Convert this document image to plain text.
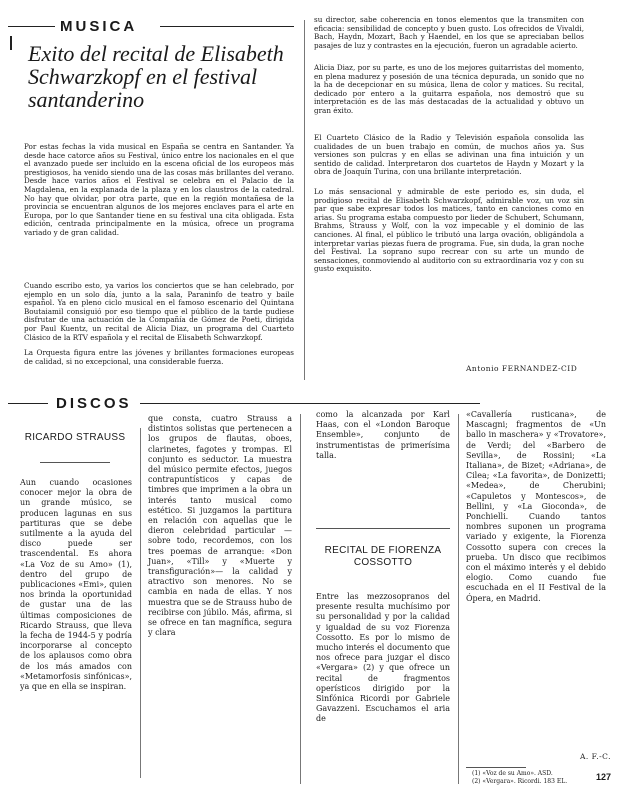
MUSICA

Exito del recital de Elisabeth Schwarzkopf en el festival santanderino

Por estas fechas la vida musical en España se centra en Santander. Ya desde hace catorce años su Festival, único entre los nacionales en el que el avanzado puede ser incluido en la escena oficial de los europeos más prestigiosos, ha venido siendo una de las cosas más brillantes del verano. Desde hace varios años el Festival se celebra en el Palacio de la Magdalena, en la explanada de la plaza y en los claustros de la catedral. No hay que olvidar, por otra parte, que en la región montañesa de la provincia se encuentran algunos de los mejores enclaves para el arte en Europa, por lo que Santander tiene en su festival una cita obligada. Esta edición, centrada principalmente en la música, ofrece un programa variado y de gran calidad.

Cuando escribo esto, ya varios los conciertos que se han celebrado, por ejemplo en un solo día, junto a la sala, Paraninfo de teatro y baile español. Ya en pleno ciclo musical en el famoso escenario del Quintana Boutaiamil consiguió por eso tiempo que el público de la tarde pudiese disfrutar de una actuación de la Compañía de Gómez de Poeti, dirigida por Paul Kuentz, un recital de Alicia Diaz, un programa del Cuarteto Clásico de la RTV española y el recital de Elisabeth Schwarzkopf.

La Orquesta figura entre las jóvenes y brillantes formaciones europeas de calidad, si no excepcional, una considerable fuerza.

su director, sabe coherencia en tonos elementos que la transmiten con eficacia: sensibilidad de concepto y buen gusto. Los ofrecidos de Vivaldi, Bach, Haydn, Mozart, Bach y Haendel, en los que se apreciaban bellos pasajes de luz y contrastes en la ejecución, fueron un agradable acierto.

Alicia Diaz, por su parte, es uno de los mejores guitarristas del momento, en plena madurez y posesión de una técnica depurada, un sonido que no la ha de decepcionar en su música, llena de color y matices. Su recital, dedicado por entero a la guitarra española, nos demostró que su interpretación es de las más destacadas de la actualidad y obtuvo un gran éxito.

El Cuarteto Clásico de la Radio y Televisión española consolida las cualidades de un buen trabajo en común, de muchos años ya. Sus versiones son pulcras y en ellas se adivinan una fina intuición y un sentido de calidad. Interpretaron dos cuartetos de Haydn y Mozart y la obra de Joaquín Turina, con una brillante interpretación.

Lo más sensacional y admirable de este periodo es, sin duda, el prodigioso recital de Elisabeth Schwarzkopf, admirable voz, un voz sin par que sabe expresar todos los matices, tanto en canciones como en arias. Su programa estaba compuesto por lieder de Schubert, Schumann, Brahms, Strauss y Wolf, con la voz impecable y el dominio de las canciones. Al final, el público le tributó una larga ovación, obligándola a interpretar varias piezas fuera de programa. Fue, sin duda, la gran noche del Festival. La soprano supo recrear con su arte un mundo de sensaciones, conmoviendo al auditorio con su extraordinaria voz y con su gusto exquisito.

Antonio FERNANDEZ-CID
DISCOS

RICARDO STRAUSS

Aun cuando ocasiones conocer mejor la obra de un grande músico, se producen lagunas en sus partituras que se debe sutilmente a la ayuda del disco puede ser trascendental. Es ahora «La Voz de su Amo» (1), dentro del grupo de publicaciones «Emi», quien nos brinda la oportunidad de gustar una de las últimas composiciones de Ricardo Strauss, que lleva la fecha de 1944-5 y podría incorporarse al concepto de los aplausos como obra de los más amados con «Metamorfosis sinfónicas», ya que en ella se inspiran.

que consta, cuatro Strauss a distintos solistas que pertenecen a los grupos de flautas, oboes, clarinetes, fagotes y trompas. El conjunto es seductor. La muestra del músico permite efectos, juegos contrapuntísticos y capas de timbres que imprimen a la obra un interés tanto musical como estético. Si juzgamos la partitura en relación con aquellas que le dieron celebridad particular —sobre todo, recordemos, con los tres poemas de arranque: «Don Juan», «Till» y «Muerte y transfiguración»— la calidad y atractivo son menores. No se cambia en nada de ellas. Y nos muestra que se de Strauss hubo de recibirse con júbilo. Más, afirma, si se ofrece en tan magnífica, segura y clara

como la alcanzada por Karl Haas, con el «London Baroque Ensemble», conjunto de instrumentistas de primerísima talla.

RECITAL DE FIORENZA COSSOTTO

Entre las mezzosopranos del presente resulta muchísimo por su personalidad y por la calidad y igualdad de su voz Fiorenza Cossotto. Es por lo mismo de mucho interés el documento que nos ofrece para juzgar el disco «Vergara» (2) y que ofrece un recital de fragmentos operísticos dirigido por la Sinfónica Ricordi por Gabriele Gavazzeni. Escuchamos el aria de

«Cavallería rusticana», de Mascagni; fragmentos de «Un ballo in maschera» y «Trovatore», de Verdi; del «Barbero de Sevilla», de Rossini; «La Italiana», de Bizet; «Adriana», de Cilea; «La favorita», de Donizetti; «Medea», de Cherubini; «Capuletos y Montescos», de Bellini, y «La Gioconda», de Ponchielli. Cuando tantos nombres suponen un programa variado y exigente, la Fiorenza Cossotto supera con creces la prueba. Un disco que recibimos con el máximo interés y el debido elogio. Como cuando fue escuchada en el II Festival de la Ópera, en Madrid.

A. F.-C.
(1) «Voz de su Amo». ASD.
(2) «Vergara». Ricordi. 183 EL.	127
